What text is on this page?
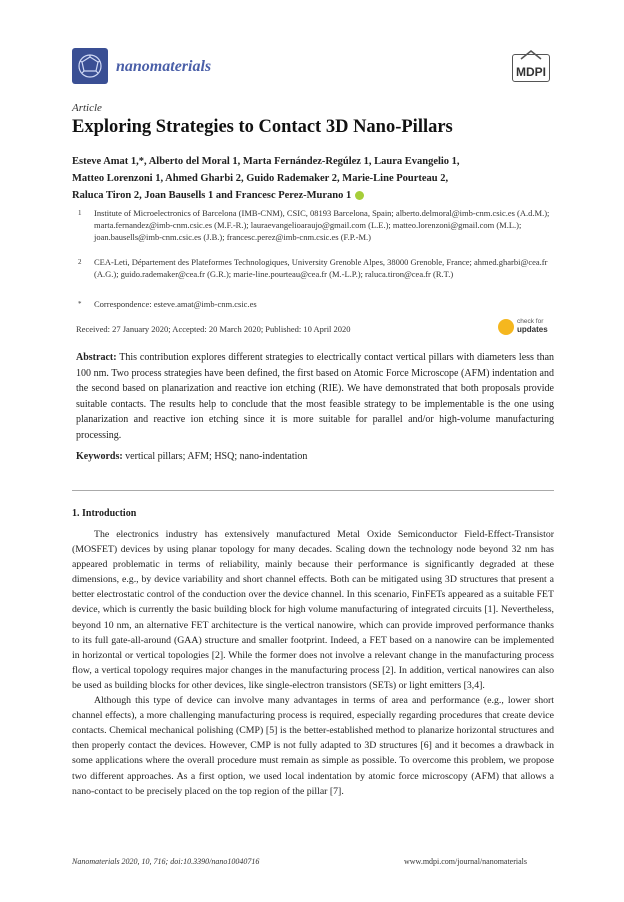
nanomaterials	MDPI
Article
Exploring Strategies to Contact 3D Nano-Pillars
Esteve Amat 1,*, Alberto del Moral 1, Marta Fernández-Regúlez 1, Laura Evangelio 1,
Matteo Lorenzoni 1, Ahmed Gharbi 2, Guido Rademaker 2, Marie-Line Pourteau 2,
Raluca Tiron 2, Joan Bausells 1 and Francesc Perez-Murano 1
1 Institute of Microelectronics of Barcelona (IMB-CNM), CSIC, 08193 Barcelona, Spain; alberto.delmoral@imb-cnm.csic.es (A.d.M.); marta.fernandez@imb-cnm.csic.es (M.F.-R.); lauraevangelioaraujo@gmail.com (L.E.); matteo.lorenzoni@gmail.com (M.L.); joan.bausells@imb-cnm.csic.es (J.B.); francesc.perez@imb-cnm.csic.es (F.P.-M.)
2 CEA-Leti, Département des Plateformes Technologiques, University Grenoble Alpes, 38000 Grenoble, France; ahmed.gharbi@cea.fr (A.G.); guido.rademaker@cea.fr (G.R.); marie-line.pourteau@cea.fr (M.-L.P.); raluca.tiron@cea.fr (R.T.)
* Correspondence: esteve.amat@imb-cnm.csic.es
Received: 27 January 2020; Accepted: 20 March 2020; Published: 10 April 2020
check for
updates
Abstract: This contribution explores different strategies to electrically contact vertical pillars with diameters less than 100 nm. Two process strategies have been defined, the first based on Atomic Force Microscope (AFM) indentation and the second based on planarization and reactive ion etching (RIE). We have demonstrated that both proposals provide suitable contacts. The results help to conclude that the most feasible strategy to be implementable is the one using planarization and reactive ion etching since it is more suitable for parallel and/or high-volume manufacturing processing.
Keywords: vertical pillars; AFM; HSQ; nano-indentation
1. Introduction

The electronics industry has extensively manufactured Metal Oxide Semiconductor Field-Effect-Transistor (MOSFET) devices by using planar topology for many decades. Scaling down the technology node beyond 32 nm has appeared problematic in terms of reliability, mainly because their performance is significantly degraded at these dimensions, e.g., by device variability and short channel effects. Both can be mitigated using 3D structures that present a better electrostatic control of the conduction over the device channel. In this scenario, FinFETs appeared as a suitable FET device, which is currently the basic building block for high volume manufacturing of integrated circuits [1]. Nevertheless, beyond 10 nm, an alternative FET architecture is the vertical nanowire, which can provide improved performance thanks to its full gate-all-around (GAA) structure and smaller footprint. Indeed, a FET based on a nanowire can be implemented in horizontal or vertical topologies [2]. While the former does not involve a relevant change in the manufacturing process flow, a vertical topology requires major changes in the manufacturing process [2]. In addition, vertical nanowires can also be used as building blocks for other devices, like single-electron transistors (SETs) or light emitters [3,4].

Although this type of device can involve many advantages in terms of area and performance (e.g., lower short channel effects), a more challenging manufacturing process is required, especially regarding procedures that create device contacts. Chemical mechanical polishing (CMP) [5] is the better-established method to planarize horizontal structures and then properly contact the devices. However, CMP is not fully adapted to 3D structures [6] and it becomes a drawback in some applications where the overall procedure must remain as simple as possible. To overcome this problem, we propose two different approaches. As a first option, we used local indentation by atomic force microscopy (AFM) that allows a nano-contact to be precisely placed on the top region of the pillar [7].

Nanomaterials 2020, 10, 716; doi:10.3390/nano10040716	www.mdpi.com/journal/nanomaterials
